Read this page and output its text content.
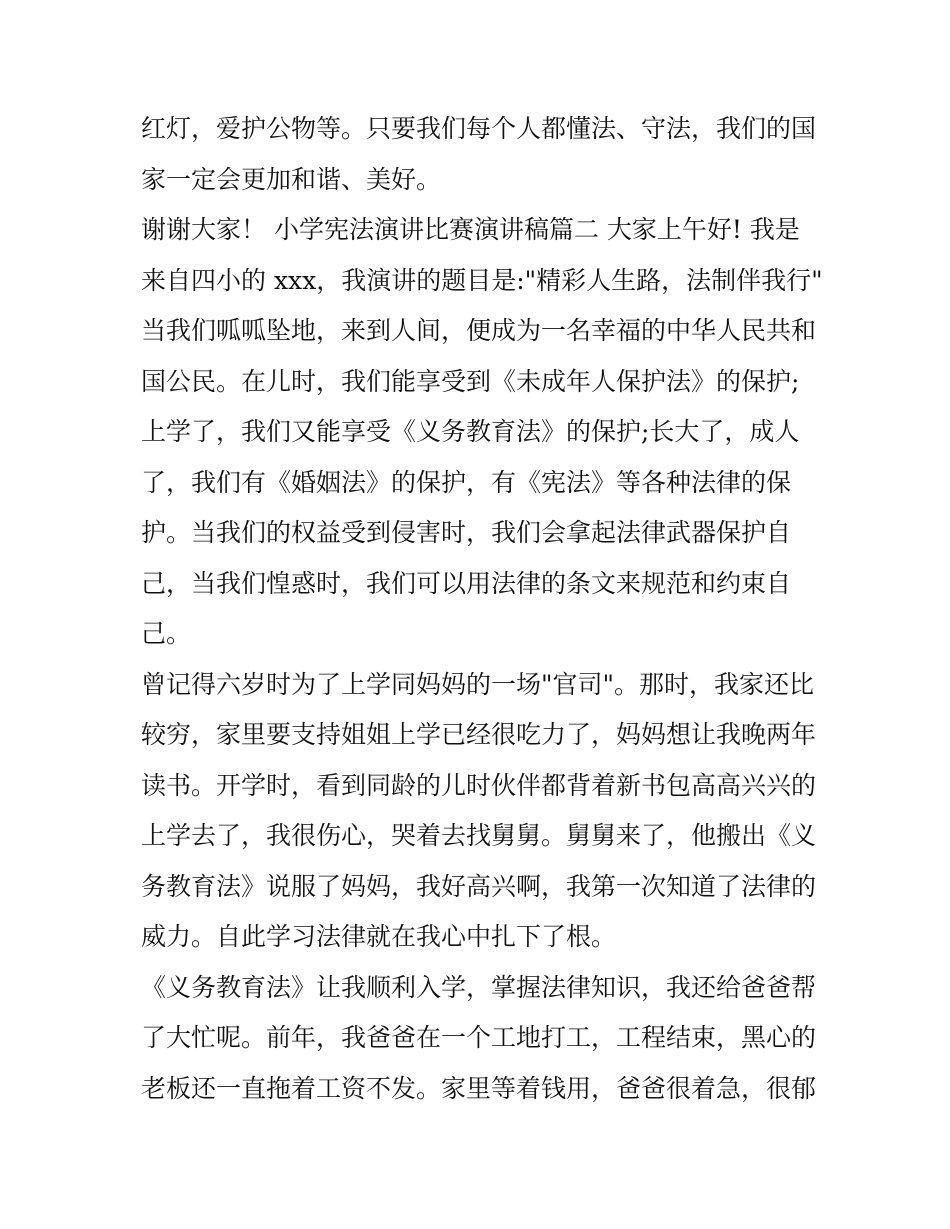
红灯，爱护公物等。只要我们每个人都懂法、守法，我们的国
家一定会更加和谐、美好。
谢谢大家！ 小学宪法演讲比赛演讲稿篇二 大家上午好! 我是
来自四小的 xxx，我演讲的题目是:"精彩人生路，法制伴我行"
当我们呱呱坠地，来到人间，便成为一名幸福的中华人民共和
国公民。在儿时，我们能享受到《未成年人保护法》的保护;
上学了，我们又能享受《义务教育法》的保护;长大了，成人
了，我们有《婚姻法》的保护，有《宪法》等各种法律的保
护。当我们的权益受到侵害时，我们会拿起法律武器保护自
己，当我们惶惑时，我们可以用法律的条文来规范和约束自
己。
曾记得六岁时为了上学同妈妈的一场"官司"。那时，我家还比
较穷，家里要支持姐姐上学已经很吃力了，妈妈想让我晚两年
读书。开学时，看到同龄的儿时伙伴都背着新书包高高兴兴的
上学去了，我很伤心，哭着去找舅舅。舅舅来了，他搬出《义
务教育法》说服了妈妈，我好高兴啊，我第一次知道了法律的
威力。自此学习法律就在我心中扎下了根。
《义务教育法》让我顺利入学，掌握法律知识，我还给爸爸帮
了大忙呢。前年，我爸爸在一个工地打工，工程结束，黑心的
老板还一直拖着工资不发。家里等着钱用，爸爸很着急，很郁
